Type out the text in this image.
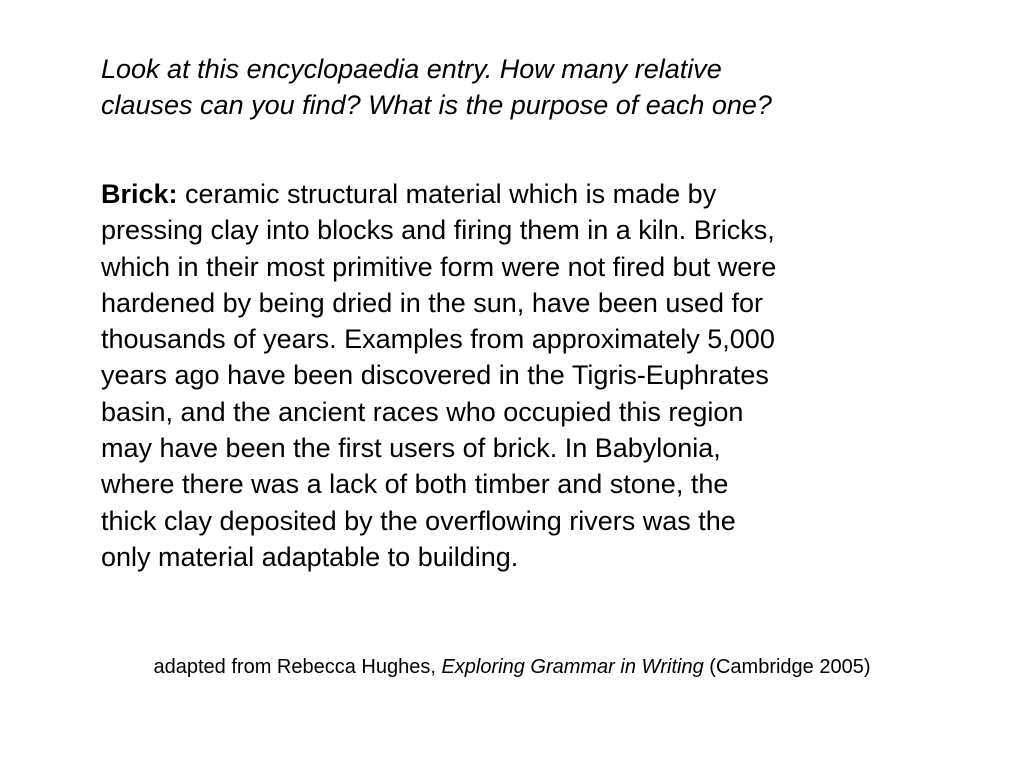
Look at this encyclopaedia entry. How many relative
clauses can you find? What is the purpose of each one?

Brick: ceramic structural material which is made by
pressing clay into blocks and firing them in a kiln. Bricks,
which in their most primitive form were not fired but were
hardened by being dried in the sun, have been used for
thousands of years. Examples from approximately 5,000
years ago have been discovered in the Tigris-Euphrates
basin, and the ancient races who occupied this region
may have been the first users of brick. In Babylonia,
where there was a lack of both timber and stone, the
thick clay deposited by the overflowing rivers was the
only material adaptable to building.

adapted from Rebecca Hughes, Exploring Grammar in Writing (Cambridge 2005)
